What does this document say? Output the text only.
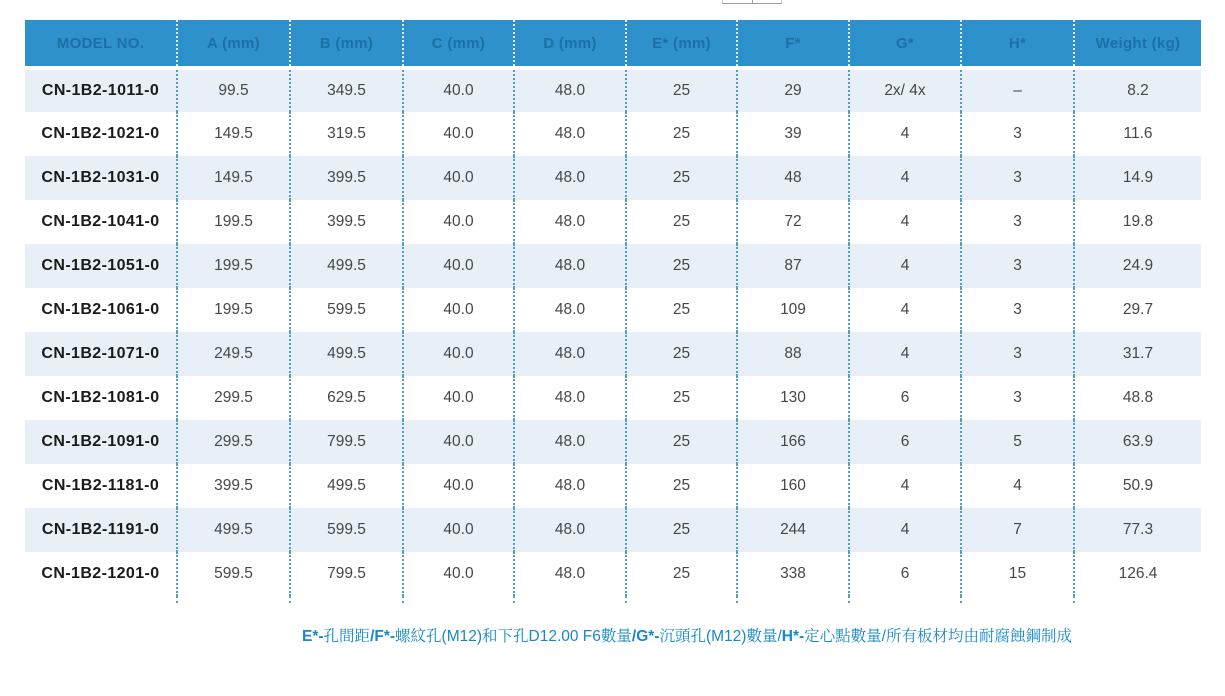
MODEL NO.	A (mm)	B (mm)	C (mm)	D (mm)	E* (mm)	F*	G*	H*	Weight (kg)
CN-1B2-1011-0	99.5	349.5	40.0	48.0	25	29	2x/ 4x	–	8.2
CN-1B2-1021-0	149.5	319.5	40.0	48.0	25	39	4	3	11.6
CN-1B2-1031-0	149.5	399.5	40.0	48.0	25	48	4	3	14.9
CN-1B2-1041-0	199.5	399.5	40.0	48.0	25	72	4	3	19.8
CN-1B2-1051-0	199.5	499.5	40.0	48.0	25	87	4	3	24.9
CN-1B2-1061-0	199.5	599.5	40.0	48.0	25	109	4	3	29.7
CN-1B2-1071-0	249.5	499.5	40.0	48.0	25	88	4	3	31.7
CN-1B2-1081-0	299.5	629.5	40.0	48.0	25	130	6	3	48.8
CN-1B2-1091-0	299.5	799.5	40.0	48.0	25	166	6	5	63.9
CN-1B2-1181-0	399.5	499.5	40.0	48.0	25	160	4	4	50.9
CN-1B2-1191-0	499.5	599.5	40.0	48.0	25	244	4	7	77.3
CN-1B2-1201-0	599.5	799.5	40.0	48.0	25	338	6	15	126.4

E*-孔間距/F*-螺紋孔(M12)和下孔D12.00 F6數量/G*-沉頭孔(M12)數量/H*-定心點數量/所有板材均由耐腐蝕鋼制成
